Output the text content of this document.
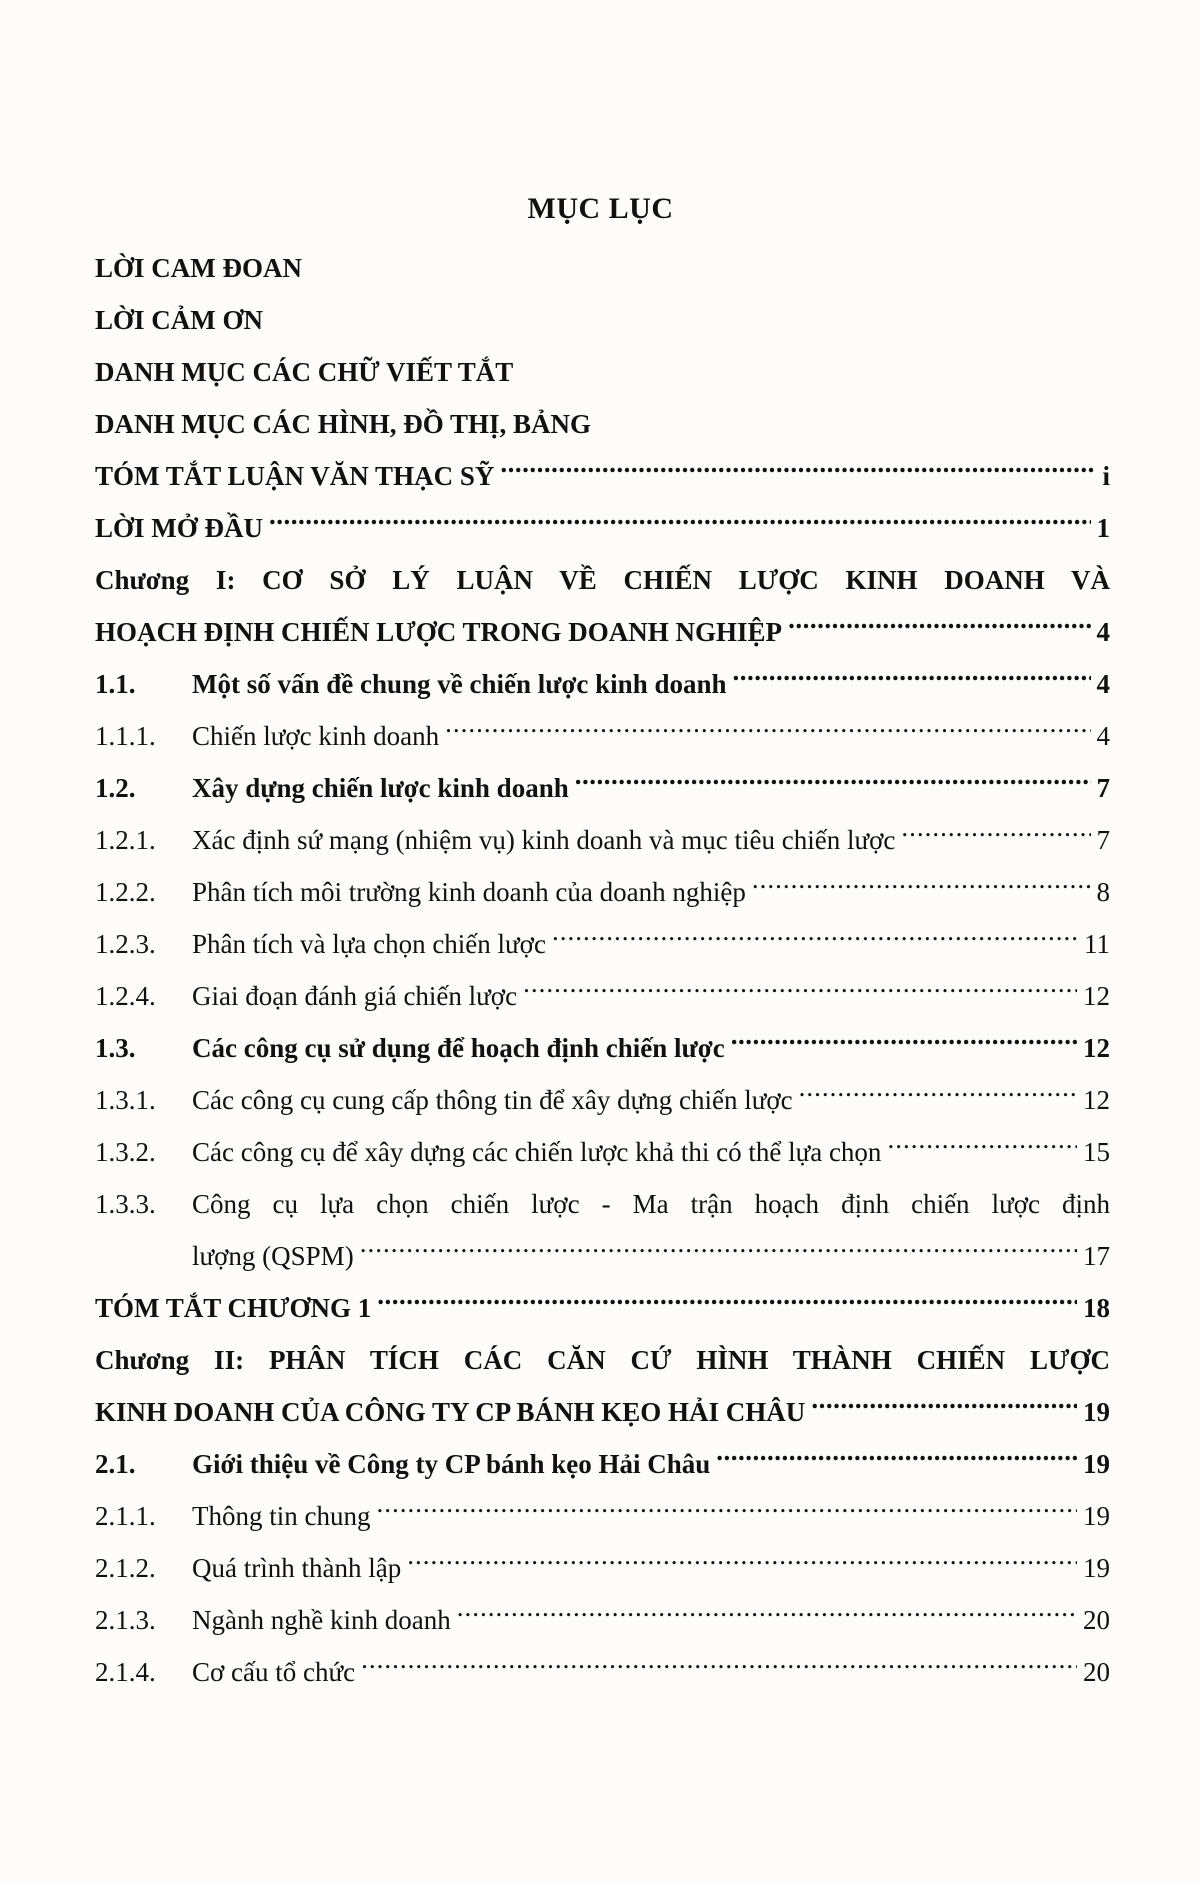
MỤC LỤC
LỜI CAM ĐOAN
LỜI CẢM ƠN
DANH MỤC CÁC CHỮ VIẾT TẮT
DANH MỤC CÁC HÌNH, ĐỒ THỊ, BẢNG
TÓM TẮT LUẬN VĂN THẠC SỸ .....	i
LỜI MỞ ĐẦU .....	1
Chương I: CƠ SỞ LÝ LUẬN VỀ CHIẾN LƯỢC KINH DOANH VÀ
HOẠCH ĐỊNH CHIẾN LƯỢC TRONG DOANH NGHIỆP .....	4
1.1.	Một số vấn đề chung về chiến lược kinh doanh .....	4
1.1.1.	Chiến lược kinh doanh .....	4
1.2.	Xây dựng chiến lược kinh doanh .....	7
1.2.1.	Xác định sứ mạng (nhiệm vụ) kinh doanh và mục tiêu chiến lược .....	7
1.2.2.	Phân tích môi trường kinh doanh của doanh nghiệp .....	8
1.2.3.	Phân tích và lựa chọn chiến lược .....	11
1.2.4.	Giai đoạn đánh giá chiến lược .....	12
1.3.	Các công cụ sử dụng để hoạch định chiến lược .....	12
1.3.1.	Các công cụ cung cấp thông tin để xây dựng chiến lược .....	12
1.3.2.	Các công cụ để xây dựng các chiến lược khả thi có thể lựa chọn .....	15
1.3.3.	Công cụ lựa chọn chiến lược - Ma trận hoạch định chiến lược định
lượng (QSPM) .....	17
TÓM TẮT CHƯƠNG 1 .....	18
Chương II: PHÂN TÍCH CÁC CĂN CỨ HÌNH THÀNH CHIẾN LƯỢC
KINH DOANH CỦA CÔNG TY CP BÁNH KẸO HẢI CHÂU .....	19
2.1.	Giới thiệu về Công ty CP bánh kẹo Hải Châu .....	19
2.1.1.	Thông tin chung .....	19
2.1.2.	Quá trình thành lập .....	19
2.1.3.	Ngành nghề kinh doanh .....	20
2.1.4.	Cơ cấu tổ chức .....	20
